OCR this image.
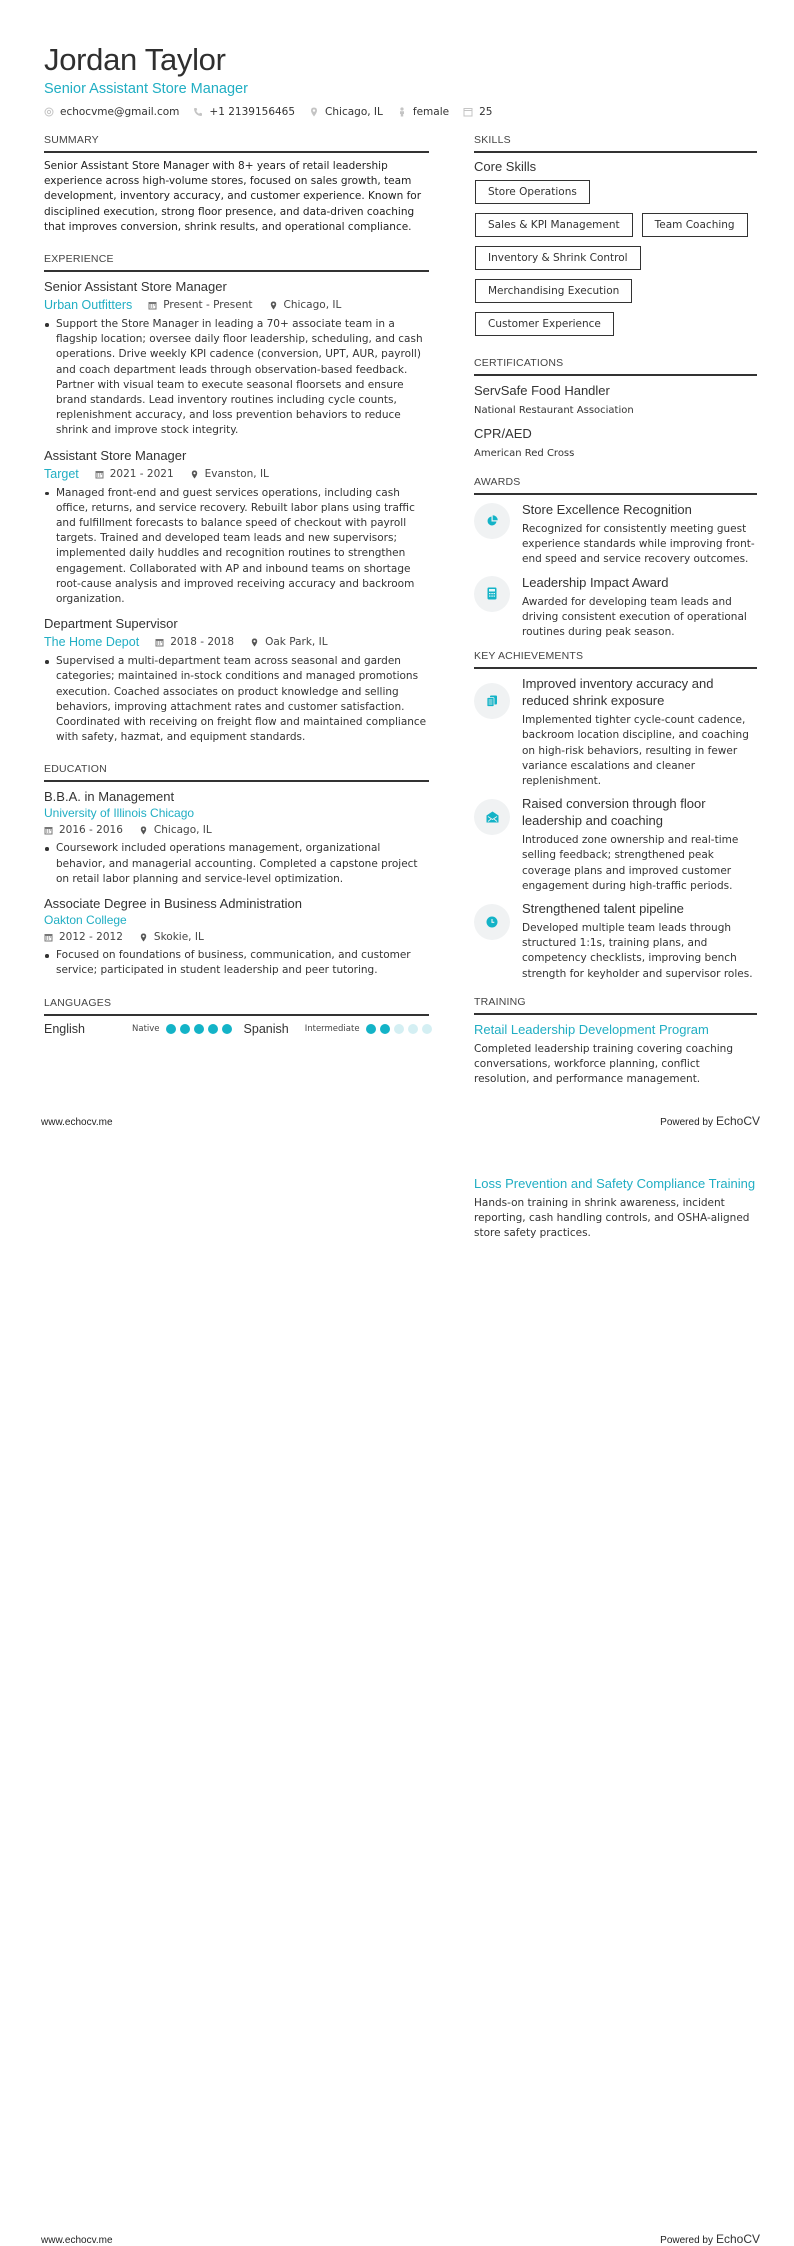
Jordan Taylor
Senior Assistant Store Manager
echocvme@gmail.com	+1 2139156465	Chicago, IL	female	25
SUMMARY
Senior Assistant Store Manager with 8+ years of retail leadership experience across high-volume stores, focused on sales growth, team development, inventory accuracy, and customer experience. Known for disciplined execution, strong floor presence, and data-driven coaching that improves conversion, shrink results, and operational compliance.
EXPERIENCE
Senior Assistant Store Manager
Urban Outfitters	Present - Present	Chicago, IL
Support the Store Manager in leading a 70+ associate team in a flagship location; oversee daily floor leadership, scheduling, and cash operations. Drive weekly KPI cadence (conversion, UPT, AUR, payroll) and coach department leads through observation-based feedback. Partner with visual team to execute seasonal floorsets and ensure brand standards. Lead inventory routines including cycle counts, replenishment accuracy, and loss prevention behaviors to reduce shrink and improve stock integrity.
Assistant Store Manager
Target	2021 - 2021	Evanston, IL
Managed front-end and guest services operations, including cash office, returns, and service recovery. Rebuilt labor plans using traffic and fulfillment forecasts to balance speed of checkout with payroll targets. Trained and developed team leads and new supervisors; implemented daily huddles and recognition routines to strengthen engagement. Collaborated with AP and inbound teams on shortage root-cause analysis and improved receiving accuracy and backroom organization.
Department Supervisor
The Home Depot	2018 - 2018	Oak Park, IL
Supervised a multi-department team across seasonal and garden categories; maintained in-stock conditions and managed promotions execution. Coached associates on product knowledge and selling behaviors, improving attachment rates and customer satisfaction. Coordinated with receiving on freight flow and maintained compliance with safety, hazmat, and equipment standards.
EDUCATION
B.B.A. in Management
University of Illinois Chicago
2016 - 2016	Chicago, IL
Coursework included operations management, organizational behavior, and managerial accounting. Completed a capstone project on retail labor planning and service-level optimization.
Associate Degree in Business Administration
Oakton College
2012 - 2012	Skokie, IL
Focused on foundations of business, communication, and customer service; participated in student leadership and peer tutoring.
LANGUAGES
English	Native	Spanish Intermediate
SKILLS
Core Skills
Store Operations
Sales & KPI Management	Team Coaching
Inventory & Shrink Control
Merchandising Execution
Customer Experience
CERTIFICATIONS
ServSafe Food Handler
National Restaurant Association
CPR/AED
American Red Cross
AWARDS
Store Excellence Recognition
Recognized for consistently meeting guest experience standards while improving front-end speed and service recovery outcomes.
Leadership Impact Award
Awarded for developing team leads and driving consistent execution of operational routines during peak season.
KEY ACHIEVEMENTS
Improved inventory accuracy and reduced shrink exposure
Implemented tighter cycle-count cadence, backroom location discipline, and coaching on high-risk behaviors, resulting in fewer variance escalations and cleaner replenishment.
Raised conversion through floor leadership and coaching
Introduced zone ownership and real-time selling feedback; strengthened peak coverage plans and improved customer engagement during high-traffic periods.
Strengthened talent pipeline
Developed multiple team leads through structured 1:1s, training plans, and competency checklists, improving bench strength for keyholder and supervisor roles.
TRAINING
Retail Leadership Development Program
Completed leadership training covering coaching conversations, workforce planning, conflict resolution, and performance management.
www.echocv.me	Powered by EchoCV
Loss Prevention and Safety Compliance Training
Hands-on training in shrink awareness, incident reporting, cash handling controls, and OSHA-aligned store safety practices.
www.echocv.me	Powered by EchoCV
